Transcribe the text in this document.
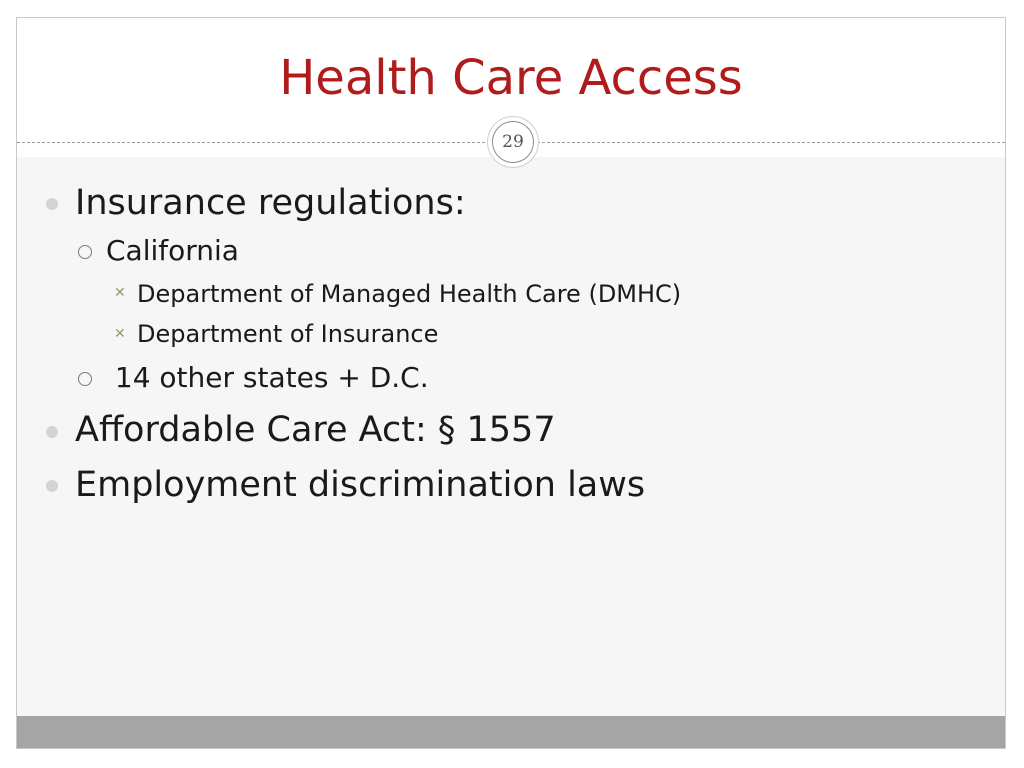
Health Care Access
29
Insurance regulations:
California
✕ Department of Managed Health Care (DMHC)
✕ Department of Insurance
14 other states + D.C.
Affordable Care Act: § 1557
Employment discrimination laws
